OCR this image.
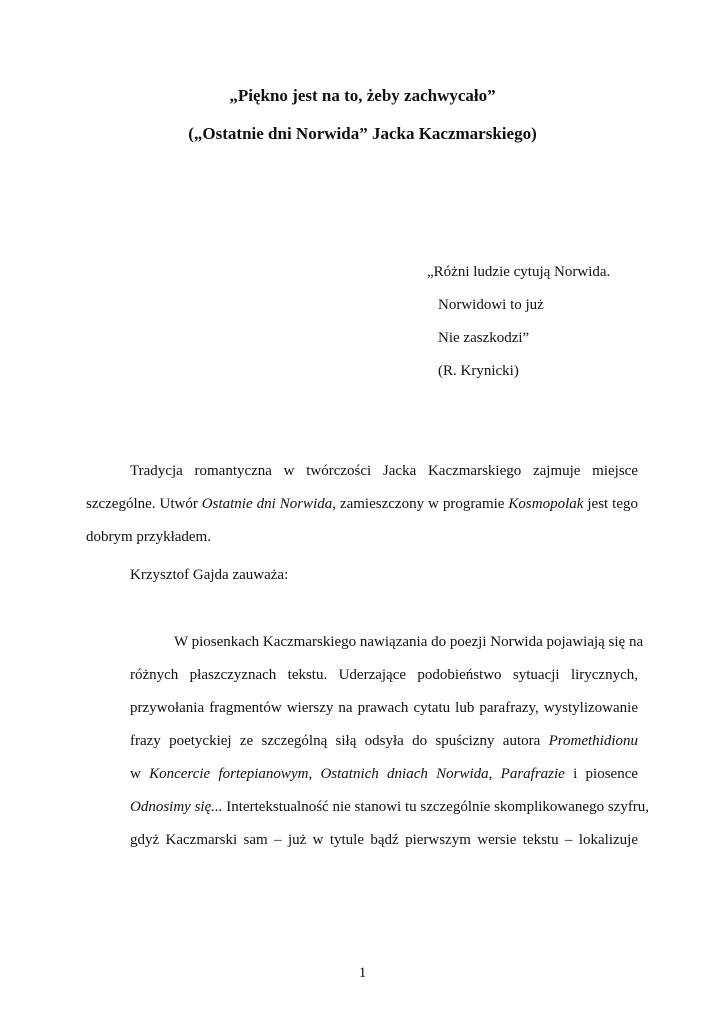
„Piękno jest na to, żeby zachwycało”
(„Ostatnie dni Norwida” Jacka Kaczmarskiego)
„Różni ludzie cytują Norwida.
Norwidowi to już
Nie zaszkodzi”
(R. Krynicki)
Tradycja romantyczna w twórczości Jacka Kaczmarskiego zajmuje miejsce
szczególne. Utwór Ostatnie dni Norwida, zamieszczony w programie Kosmopolak jest tego
dobrym przykładem.
Krzysztof Gajda zauważa:
W piosenkach Kaczmarskiego nawiązania do poezji Norwida pojawiają się na
różnych płaszczyznach tekstu. Uderzające podobieństwo sytuacji lirycznych,
przywołania fragmentów wierszy na prawach cytatu lub parafrazy, wystylizowanie
frazy poetyckiej ze szczególną siłą odsyła do spuścizny autora Promethidionu
w Koncercie fortepianowym, Ostatnich dniach Norwida, Parafrazie i piosence
Odnosimy się... Intertekstualność nie stanowi tu szczególnie skomplikowanego szyfru,
gdyż Kaczmarski sam – już w tytule bądź pierwszym wersie tekstu – lokalizuje
1
